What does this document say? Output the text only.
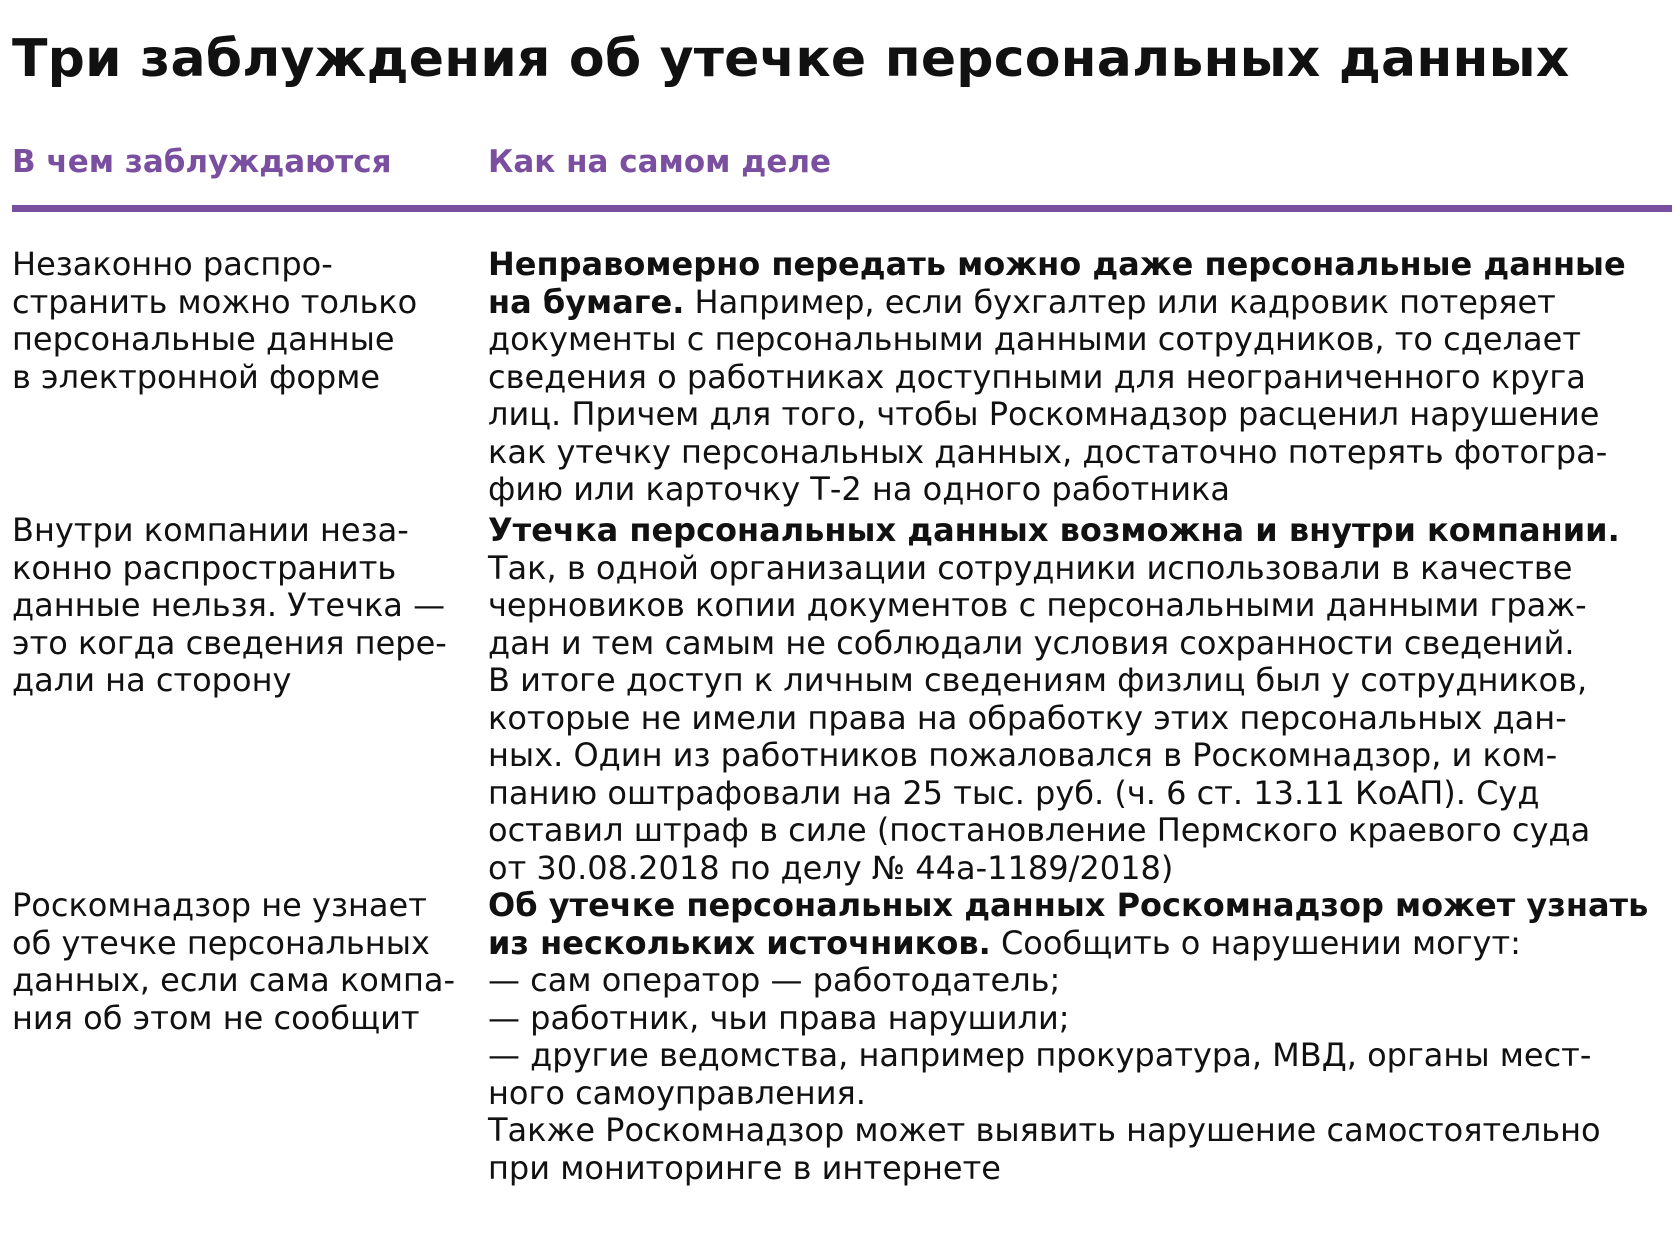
Три заблуждения об утечке персональных данных
В чем заблуждаются	Как на самом деле
Незаконно распро-
странить можно только
персональные данные
в электронной форме
Неправомерно передать можно даже персональные данные
на бумаге. Например, если бухгалтер или кадровик потеряет
документы с персональными данными сотрудников, то сделает
сведения о работниках доступными для неограниченного круга
лиц. Причем для того, чтобы Роскомнадзор расценил нарушение
как утечку персональных данных, достаточно потерять фотогра-
фию или карточку Т-2 на одного работника
Внутри компании неза-
конно распространить
данные нельзя. Утечка —
это когда сведения пере-
дали на сторону
Утечка персональных данных возможна и внутри компании.
Так, в одной организации сотрудники использовали в качестве
черновиков копии документов с персональными данными граж-
дан и тем самым не соблюдали условия сохранности сведений.
В итоге доступ к личным сведениям физлиц был у сотрудников,
которые не имели права на обработку этих персональных дан-
ных. Один из работников пожаловался в Роскомнадзор, и ком-
панию оштрафовали на 25 тыс. руб. (ч. 6 ст. 13.11 КоАП). Суд
оставил штраф в силе (постановление Пермского краевого суда
от 30.08.2018 по делу № 44а-1189/2018)
Роскомнадзор не узнает
об утечке персональных
данных, если сама компа-
ния об этом не сообщит
Об утечке персональных данных Роскомнадзор может узнать
из нескольких источников. Сообщить о нарушении могут:
— сам оператор — работодатель;
— работник, чьи права нарушили;
— другие ведомства, например прокуратура, МВД, органы мест-
ного самоуправления.
Также Роскомнадзор может выявить нарушение самостоятельно
при мониторинге в интернете
